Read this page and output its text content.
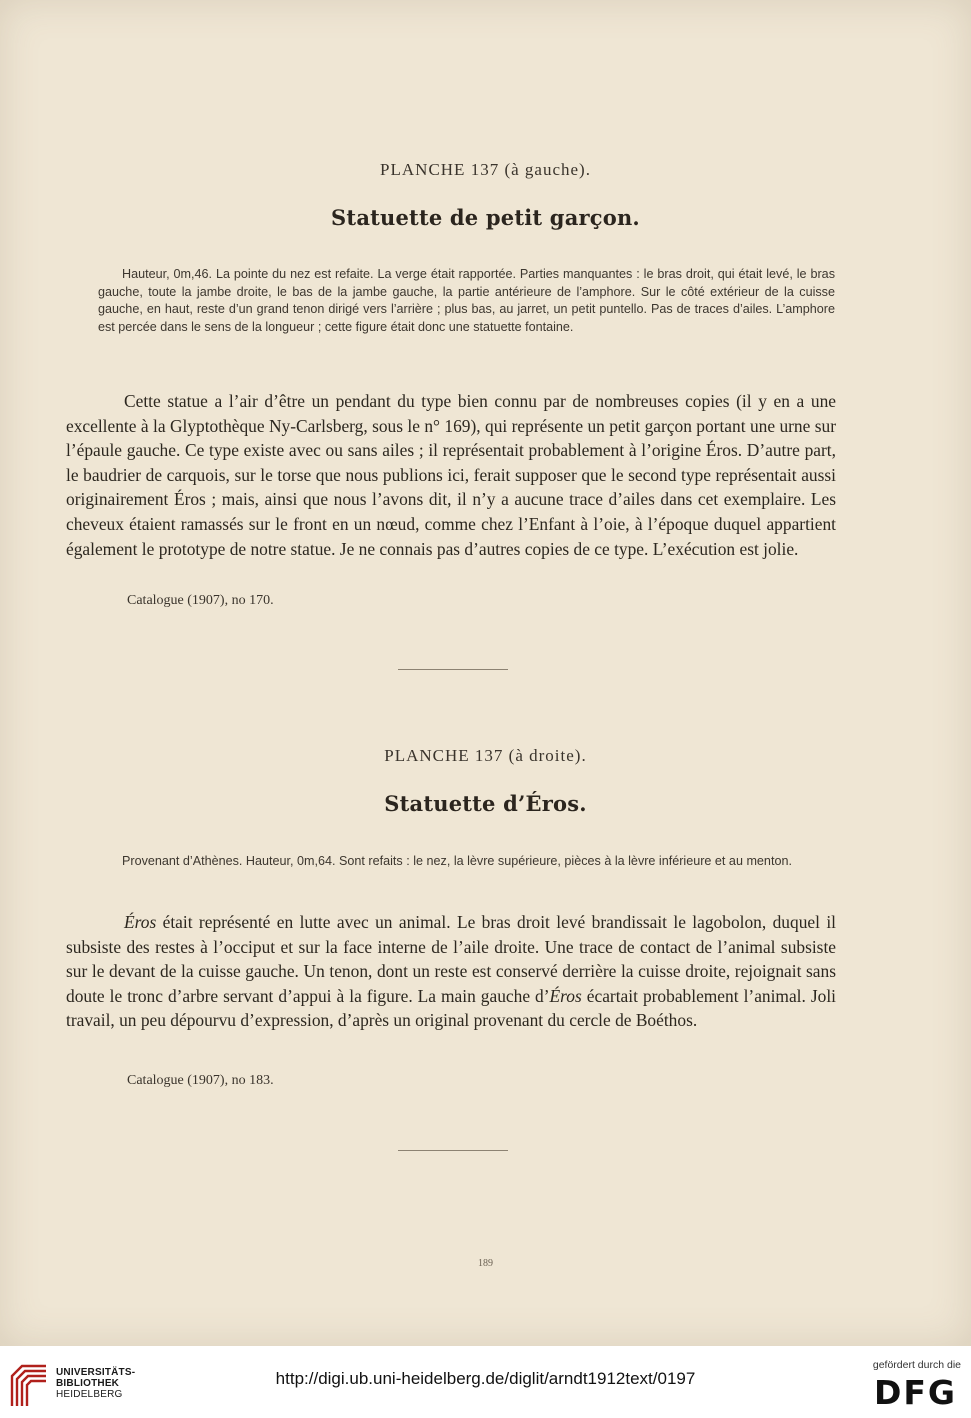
PLANCHE 137 (à gauche).
Statuette de petit garçon.
Hauteur, 0m,46. La pointe du nez est refaite. La verge était rapportée. Parties manquantes : le bras droit, qui était levé, le bras gauche, toute la jambe droite, le bas de la jambe gauche, la partie antérieure de l’amphore. Sur le côté extérieur de la cuisse gauche, en haut, reste d’un grand tenon dirigé vers l’arrière ; plus bas, au jarret, un petit puntello. Pas de traces d’ailes. L’amphore est percée dans le sens de la longueur ; cette figure était donc une statuette fontaine.
Cette statue a l’air d’être un pendant du type bien connu par de nombreuses copies (il y en a une excellente à la Glyptothèque Ny-Carlsberg, sous le n° 169), qui représente un petit garçon portant une urne sur l’épaule gauche. Ce type existe avec ou sans ailes ; il représentait probablement à l’origine Éros. D’autre part, le baudrier de carquois, sur le torse que nous publions ici, ferait supposer que le second type représentait aussi originairement Éros ; mais, ainsi que nous l’avons dit, il n’y a aucune trace d’ailes dans cet exemplaire. Les cheveux étaient ramassés sur le front en un nœud, comme chez l’Enfant à l’oie, à l’époque duquel appartient également le prototype de notre statue. Je ne connais pas d’autres copies de ce type. L’exécution est jolie.
Catalogue (1907), no 170.
PLANCHE 137 (à droite).
Statuette d’Éros.
Provenant d’Athènes. Hauteur, 0m,64. Sont refaits : le nez, la lèvre supérieure, pièces à la lèvre inférieure et au menton.
Éros était représenté en lutte avec un animal. Le bras droit levé brandissait le lagobolon, duquel il subsiste des restes à l’occiput et sur la face interne de l’aile droite. Une trace de contact de l’animal subsiste sur le devant de la cuisse gauche. Un tenon, dont un reste est conservé derrière la cuisse droite, rejoignait sans doute le tronc d’arbre servant d’appui à la figure. La main gauche d’Éros écartait probablement l’animal. Joli travail, un peu dépourvu d’expression, d’après un original provenant du cercle de Boéthos.
Catalogue (1907), no 183.
189
UNIVERSITÄTS-
BIBLIOTHEK
HEIDELBERG
http://digi.ub.uni-heidelberg.de/diglit/arndt1912text/0197
gefördert durch die
DFG
